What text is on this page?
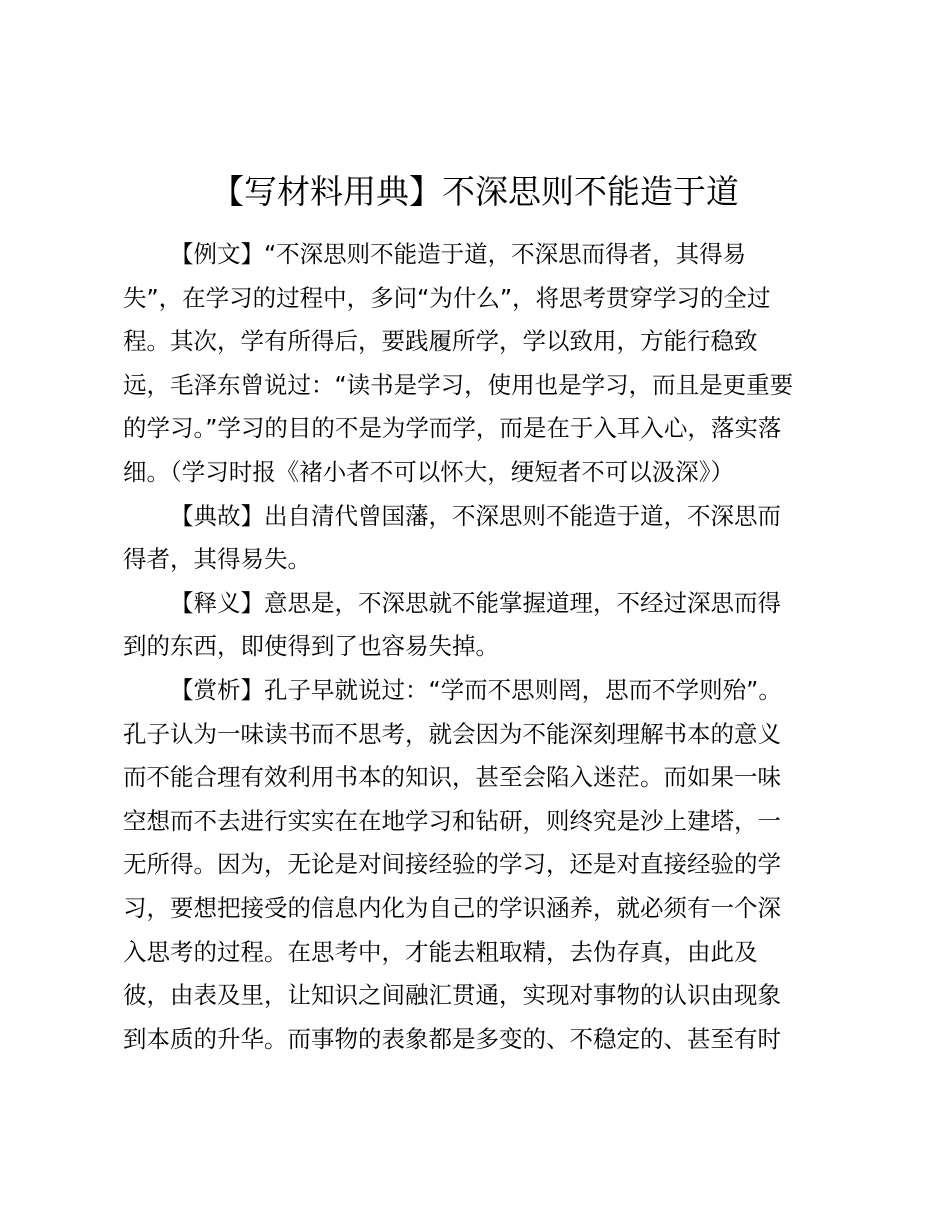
【写材料用典】不深思则不能造于道
【例文】“不深思则不能造于道，不深思而得者，其得易
失”，在学习的过程中，多问“为什么”，将思考贯穿学习的全过
程。其次，学有所得后，要践履所学，学以致用，方能行稳致
远，毛泽东曾说过：“读书是学习，使用也是学习，而且是更重要
的学习。”学习的目的不是为学而学，而是在于入耳入心，落实落
细。（学习时报《褚小者不可以怀大，绠短者不可以汲深》）
【典故】出自清代曾国藩，不深思则不能造于道，不深思而
得者，其得易失。
【释义】意思是，不深思就不能掌握道理，不经过深思而得
到的东西，即使得到了也容易失掉。
【赏析】孔子早就说过：“学而不思则罔，思而不学则殆”。
孔子认为一味读书而不思考，就会因为不能深刻理解书本的意义
而不能合理有效利用书本的知识，甚至会陷入迷茫。而如果一味
空想而不去进行实实在在地学习和钻研，则终究是沙上建塔，一
无所得。因为，无论是对间接经验的学习，还是对直接经验的学
习，要想把接受的信息内化为自己的学识涵养，就必须有一个深
入思考的过程。在思考中，才能去粗取精，去伪存真，由此及
彼，由表及里，让知识之间融汇贯通，实现对事物的认识由现象
到本质的升华。而事物的表象都是多变的、不稳定的、甚至有时
